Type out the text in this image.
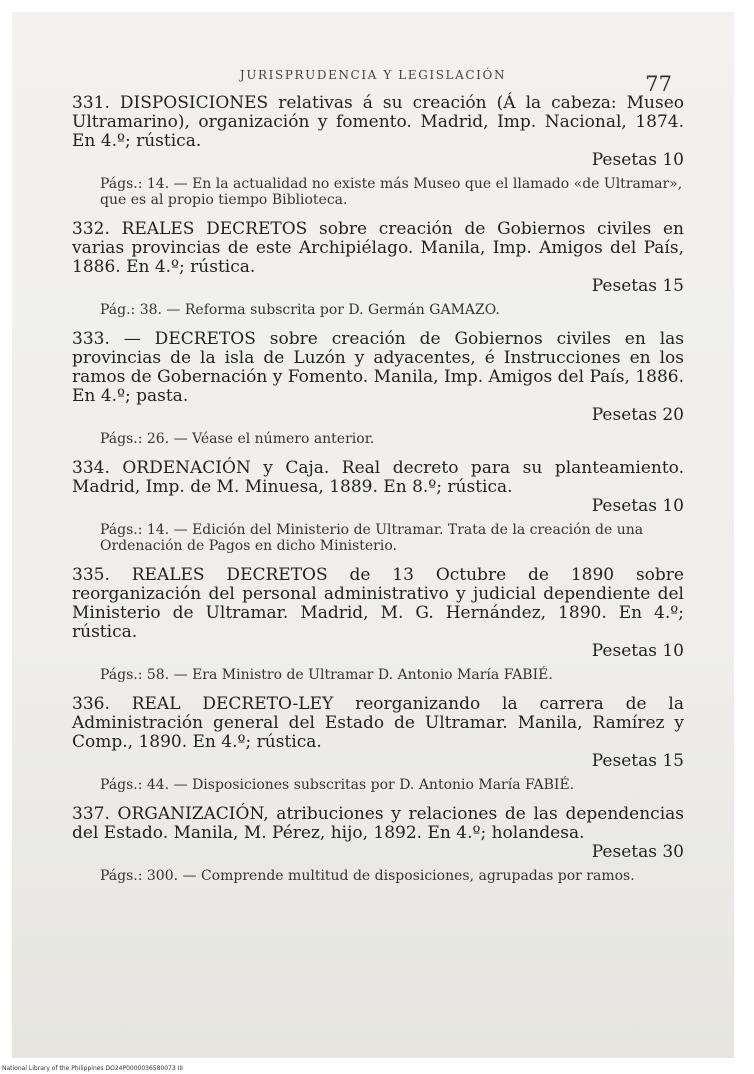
JURISPRUDENCIA Y LEGISLACIÓN	77
331. DISPOSICIONES relativas á su creación (Á la cabeza: Museo Ultramarino), organización y fomento. Madrid, Imp. Nacional, 1874. En 4.º; rústica.
Pesetas 10
Págs.: 14. — En la actualidad no existe más Museo que el llamado «de Ultramar», que es al propio tiempo Biblioteca.
332. REALES DECRETOS sobre creación de Gobiernos civiles en varias provincias de este Archipiélago. Manila, Imp. Amigos del País, 1886. En 4.º; rústica.
Pesetas 15
Pág.: 38. — Reforma subscrita por D. Germán GAMAZO.
333. — DECRETOS sobre creación de Gobiernos civiles en las provincias de la isla de Luzón y adyacentes, é Instrucciones en los ramos de Gobernación y Fomento. Manila, Imp. Amigos del País, 1886. En 4.º; pasta.
Pesetas 20
Págs.: 26. — Véase el número anterior.
334. ORDENACIÓN y Caja. Real decreto para su planteamiento. Madrid, Imp. de M. Minuesa, 1889. En 8.º; rústica.
Pesetas 10
Págs.: 14. — Edición del Ministerio de Ultramar. Trata de la creación de una Ordenación de Pagos en dicho Ministerio.
335. REALES DECRETOS de 13 Octubre de 1890 sobre reorganización del personal administrativo y judicial dependiente del Ministerio de Ultramar. Madrid, M. G. Hernández, 1890. En 4.º; rústica.
Pesetas 10
Págs.: 58. — Era Ministro de Ultramar D. Antonio María FABIÉ.
336. REAL DECRETO-LEY reorganizando la carrera de la Administración general del Estado de Ultramar. Manila, Ramírez y Comp., 1890. En 4.º; rústica.
Pesetas 15
Págs.: 44. — Disposiciones subscritas por D. Antonio María FABIÉ.
337. ORGANIZACIÓN, atribuciones y relaciones de las dependencias del Estado. Manila, M. Pérez, hijo, 1892. En 4.º; holandesa.
Pesetas 30
Págs.: 300. — Comprende multitud de disposiciones, agrupadas por ramos.
National Library of the Philippines DO24P0000036580073 III
